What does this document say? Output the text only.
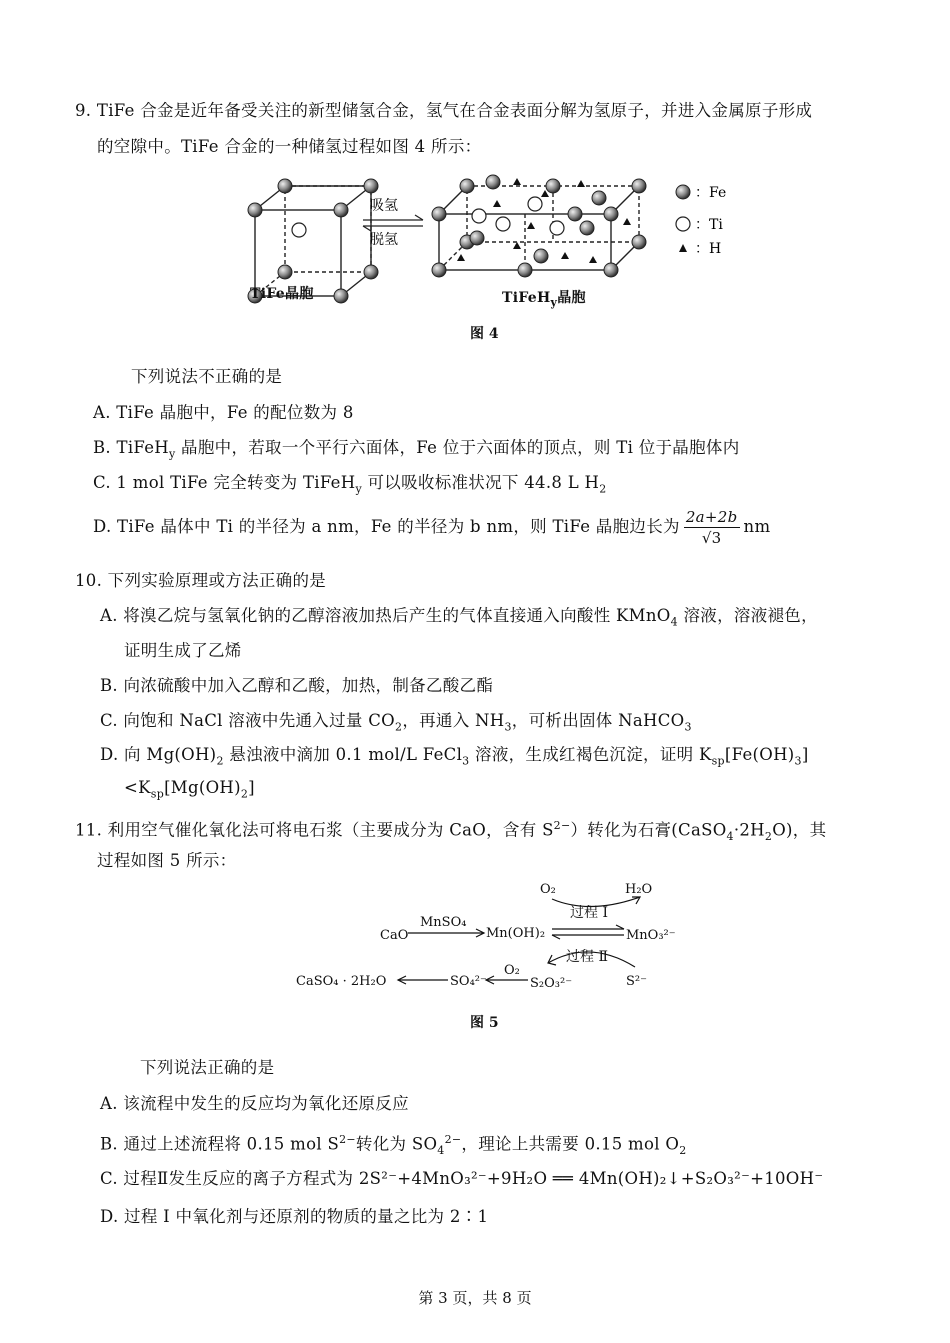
9. TiFe 合金是近年备受关注的新型储氢合金，氢气在合金表面分解为氢原子，并进入金属原子形成
的空隙中。TiFe 合金的一种储氢过程如图 4 所示：
吸氢
脱氢
：Fe
：Ti
：H
TiFe晶胞	TiFeH$_y$晶胞
图 4
下列说法不正确的是
A. TiFe 晶胞中，Fe 的配位数为 8
B. TiFeH$_y$ 晶胞中，若取一个平行六面体，Fe 位于六面体的顶点，则 Ti 位于晶胞体内
C. 1 mol TiFe 完全转变为 TiFeH$_y$ 可以吸收标准状况下 44.8 L $H_2$
D. TiFe 晶体中 Ti 的半径为 a nm，Fe 的半径为 b nm，则 TiFe 晶胞边长为 $\frac{2a+2b}{√3}$ nm
10. 下列实验原理或方法正确的是
A. 将溴乙烷与氢氧化钠的乙醇溶液加热后产生的气体直接通入向酸性 KMnO$_4$ 溶液，溶液褪色，
证明生成了乙烯
B. 向浓硫酸中加入乙醇和乙酸，加热，制备乙酸乙酯
C. 向饱和 NaCl 溶液中先通入过量 $CO_2$，再通入 $NH_3$，可析出固体 NaHCO$_3$
D. 向 $Mg(OH)_2$ 悬浊液中滴加 0.1 mol/L FeCl$_3$ 溶液，生成红褐色沉淀，证明 $K_{sp}[Fe(OH)_3]$
$<K_{sp}[Mg(OH)_2]$
11. 利用空气催化氧化法可将电石浆（主要成分为 CaO，含有 $S^{2-}$）转化为石膏$(CaSO_4\cdot 2H_2O)$，其
过程如图 5 所示：
O₂	H₂O
过程 Ⅰ
CaO
MnSO₄
Mn(OH)₂	MnO₃²⁻
过程 Ⅱ
CaSO₄ · 2H₂O	SO₄²⁻
O₂
S₂O₃²⁻	S²⁻
图 5
下列说法正确的是
A. 该流程中发生的反应均为氧化还原反应
B. 通过上述流程将 0.15 mol $S^{2-}$转化为 $SO_4^{2-}$，理论上共需要 0.15 mol $O_2$
C. 过程Ⅱ发生反应的离子方程式为 2S²⁻+4MnO₃²⁻+9H₂O ══ 4Mn(OH)₂↓+S₂O₃²⁻+10OH⁻
D. 过程 Ⅰ 中氧化剂与还原剂的物质的量之比为 2∶1
第 3 页，共 8 页
